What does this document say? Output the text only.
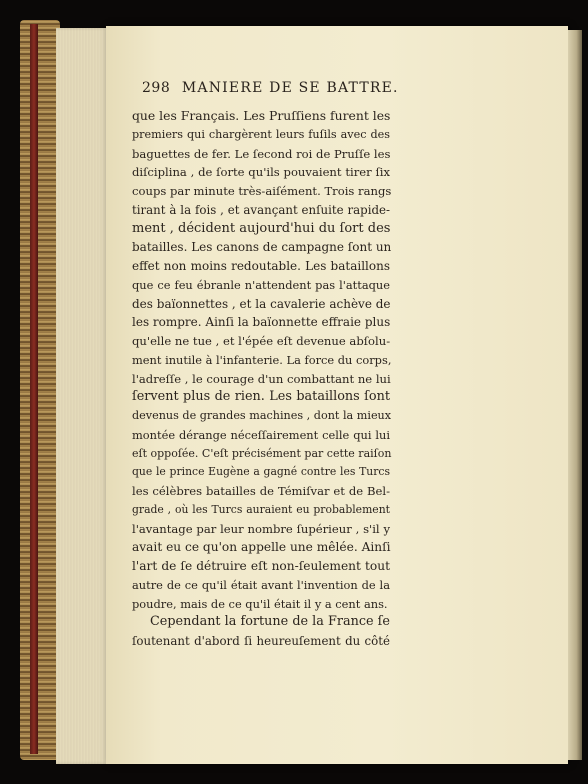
298 MANIERE DE SE BATTRE.
que les Français. Les Pruſſiens furent les
premiers qui chargèrent leurs fuſils avec des
baguettes de fer. Le ſecond roi de Pruſſe les
diſciplina , de ſorte qu'ils pouvaient tirer ſix
coups par minute très-aiſément. Trois rangs
tirant à la fois , et avançant enſuite rapide-
ment , décident aujourd'hui du ſort des
batailles. Les canons de campagne ſont un
effet non moins redoutable. Les bataillons
que ce feu ébranle n'attendent pas l'attaque
des baïonnettes , et la cavalerie achève de
les rompre. Ainſi la baïonnette effraie plus
qu'elle ne tue , et l'épée eſt devenue abſolu-
ment inutile à l'infanterie. La force du corps,
l'adreſſe , le courage d'un combattant ne lui
ſervent plus de rien. Les bataillons ſont
devenus de grandes machines , dont la mieux
montée dérange néceſſairement celle qui lui
eſt oppoſée. C'eſt précisément par cette raiſon
que le prince Eugène a gagné contre les Turcs
les célèbres batailles de Témiſvar et de Bel-
grade , où les Turcs auraient eu probablement
l'avantage par leur nombre ſupérieur , s'il y
avait eu ce qu'on appelle une mêlée. Ainſi
l'art de ſe détruire eſt non-ſeulement tout
autre de ce qu'il était avant l'invention de la
poudre, mais de ce qu'il était il y a cent ans.
Cependant la fortune de la France ſe
ſoutenant d'abord ſi heureuſement du côté
